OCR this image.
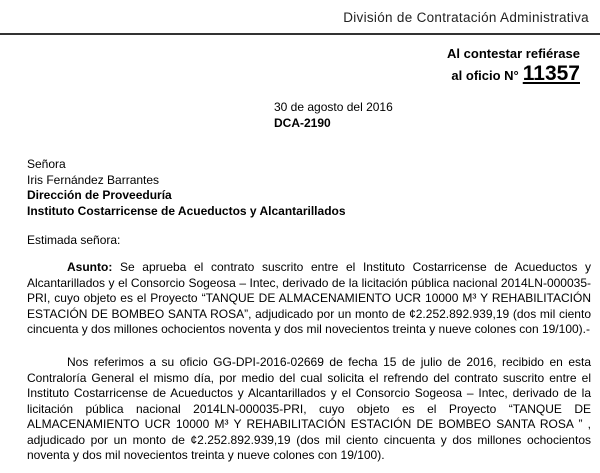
División de Contratación Administrativa
Al contestar refiérase
al oficio N° 11357
30 de agosto del 2016
DCA-2190
Señora
Iris Fernández Barrantes
Dirección de Proveeduría
Instituto Costarricense de Acueductos y Alcantarillados
Estimada señora:
Asunto: Se aprueba el contrato suscrito entre el Instituto Costarricense de Acueductos y Alcantarillados y el Consorcio Sogeosa – Intec, derivado de la licitación pública nacional 2014LN-000035-PRI, cuyo objeto es el Proyecto “TANQUE DE ALMACENAMIENTO UCR 10000 M³ Y REHABILITACIÓN ESTACIÓN DE BOMBEO SANTA ROSA”, adjudicado por un monto de ¢2.252.892.939,19 (dos mil ciento cincuenta y dos millones ochocientos noventa y dos mil novecientos treinta y nueve colones con 19/100).-
Nos referimos a su oficio GG-DPI-2016-02669 de fecha 15 de julio de 2016, recibido en esta Contraloría General el mismo día, por medio del cual solicita el refrendo del contrato suscrito entre el Instituto Costarricense de Acueductos y Alcantarillados y el Consorcio Sogeosa – Intec, derivado de la licitación pública nacional 2014LN-000035-PRI, cuyo objeto es el Proyecto “TANQUE DE ALMACENAMIENTO UCR 10000 M³ Y REHABILITACIÓN ESTACIÓN DE BOMBEO SANTA ROSA ” , adjudicado por un monto de ¢2.252.892.939,19 (dos mil ciento cincuenta y dos millones ochocientos noventa y dos mil novecientos treinta y nueve colones con 19/100).
